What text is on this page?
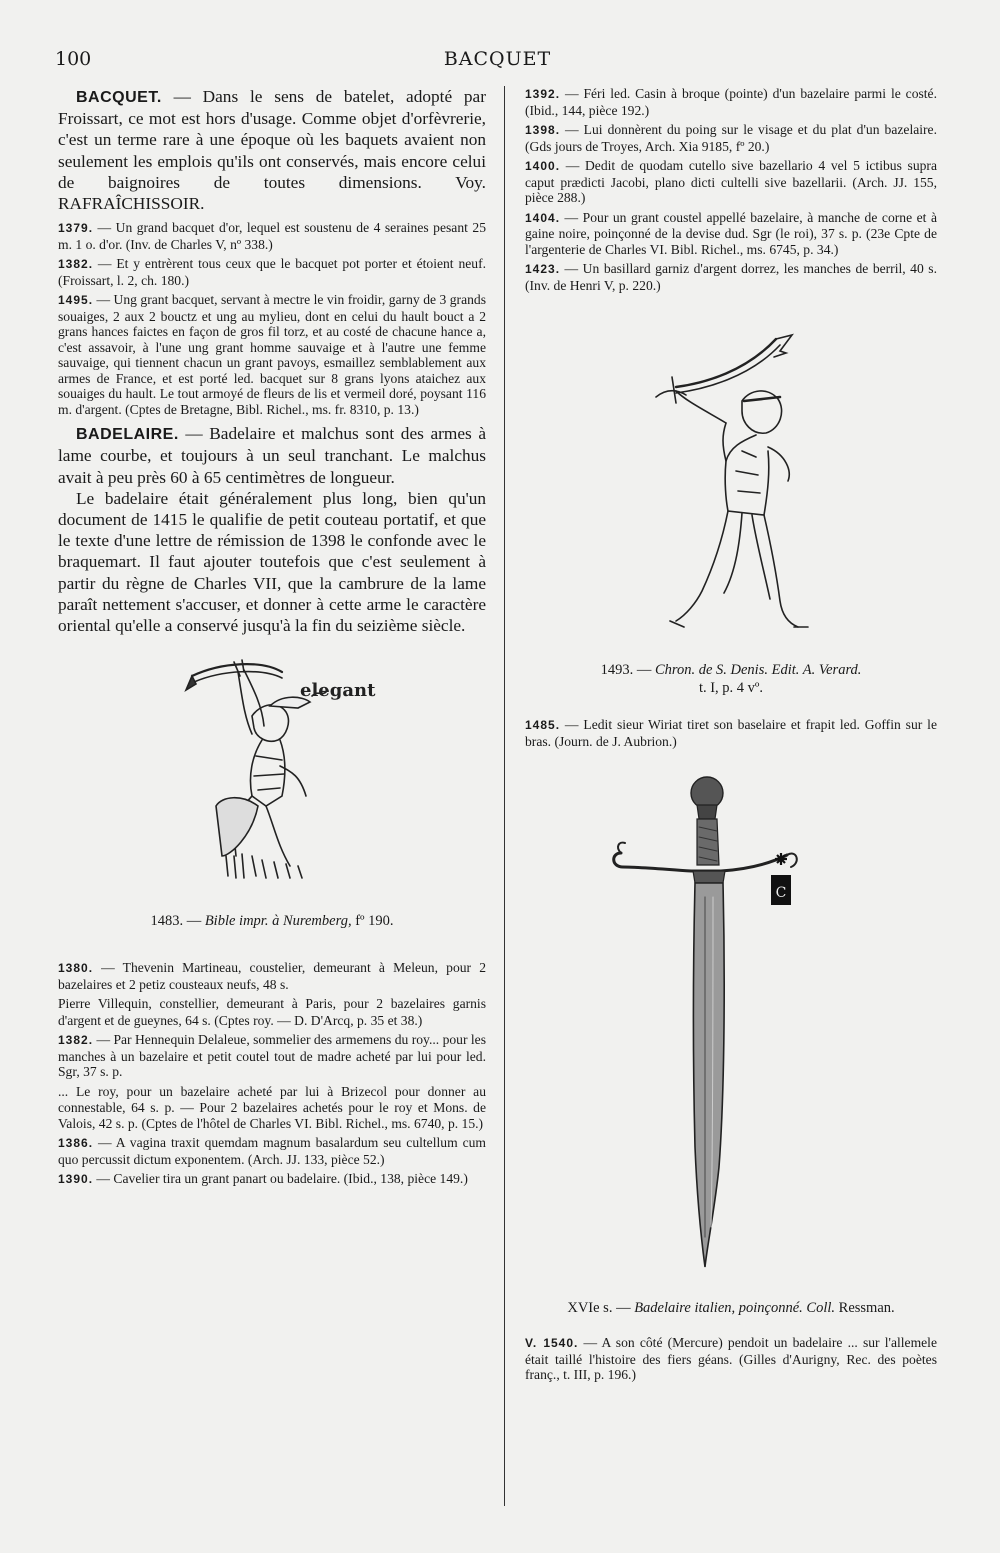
100	BACQUET

BACQUET. — Dans le sens de batelet, adopté par Froissart, ce mot est hors d'usage. Comme objet d'orfèvrerie, c'est un terme rare à une époque où les baquets avaient non seulement les emplois qu'ils ont conservés, mais encore celui de baignoires de toutes dimensions. Voy. RAFRAÎCHISSOIR.

1379. — Un grand bacquet d'or, lequel est soustenu de 4 seraines pesant 25 m. 1 o. d'or. (Inv. de Charles V, nº 338.)

1382. — Et y entrèrent tous ceux que le bacquet pot porter et étoient neuf. (Froissart, l. 2, ch. 180.)

1495. — Ung grant bacquet, servant à mectre le vin froidir, garny de 3 grands souaiges, 2 aux 2 bouctz et ung au mylieu, dont en celui du hault bouct a 2 grans hances faictes en façon de gros fil torz, et au costé de chacune hance a, c'est assavoir, à l'une ung grant homme sauvaige et à l'autre une femme sauvaige, qui tiennent chacun un grant pavoys, esmaillez semblablement aux armes de France, et est porté led. bacquet sur 8 grans lyons ataichez aux souaiges du hault. Le tout armoyé de fleurs de lis et vermeil doré, poysant 116 m. d'argent. (Cptes de Bretagne, Bibl. Richel., ms. fr. 8310, p. 13.)

BADELAIRE. — Badelaire et malchus sont des armes à lame courbe, et toujours à un seul tranchant. Le malchus avait à peu près 60 à 65 centimètres de longueur.

Le badelaire était généralement plus long, bien qu'un document de 1415 le qualifie de petit couteau portatif, et que le texte d'une lettre de rémission de 1398 le confonde avec le braquemart. Il faut ajouter toutefois que c'est seulement à partir du règne de Charles VII, que la cambrure de la lame paraît nettement s'accuser, et donner à cette arme le caractère oriental qu'elle a conservé jusqu'à la fin du seizième siècle.

elegant

1483. — Bible impr. à Nuremberg, fº 190.

1380. — Thevenin Martineau, coustelier, demeurant à Meleun, pour 2 bazelaires et 2 petiz cousteaux neufs, 48 s.

Pierre Villequin, constellier, demeurant à Paris, pour 2 bazelaires garnis d'argent et de gueynes, 64 s. (Cptes roy. — D. D'Arcq, p. 35 et 38.)

1382. — Par Hennequin Delaleue, sommelier des armemens du roy... pour les manches à un bazelaire et petit coutel tout de madre acheté par lui pour led. Sgr, 37 s. p.

... Le roy, pour un bazelaire acheté par lui à Brizecol pour donner au connestable, 64 s. p. — Pour 2 bazelaires achetés pour le roy et Mons. de Valois, 42 s. p. (Cptes de l'hôtel de Charles VI. Bibl. Richel., ms. 6740, p. 15.)

1386. — A vagina traxit quemdam magnum basalardum seu cultellum cum quo percussit dictum exponentem. (Arch. JJ. 133, pièce 52.)

1390. — Cavelier tira un grant panart ou badelaire. (Ibid., 138, pièce 149.)

1392. — Féri led. Casin à broque (pointe) d'un bazelaire parmi le costé. (Ibid., 144, pièce 192.)

1398. — Lui donnèrent du poing sur le visage et du plat d'un bazelaire. (Gds jours de Troyes, Arch. Xia 9185, fº 20.)

1400. — Dedit de quodam cutello sive bazellario 4 vel 5 ictibus supra caput prædicti Jacobi, plano dicti cultelli sive bazellarii. (Arch. JJ. 155, pièce 288.)

1404. — Pour un grant coustel appellé bazelaire, à manche de corne et à gaine noire, poinçonné de la devise dud. Sgr (le roi), 37 s. p. (23e Cpte de l'argenterie de Charles VI. Bibl. Richel., ms. 6745, p. 34.)

1423. — Un basillard garniz d'argent dorrez, les manches de berril, 40 s. (Inv. de Henri V, p. 220.)

1493. — Chron. de S. Denis. Edit. A. Verard.

t. I, p. 4 vº.

1485. — Ledit sieur Wiriat tiret son baselaire et frapit led. Goffin sur le bras. (Journ. de J. Aubrion.)

C

XVIe s. — Badelaire italien, poinçonné. Coll. Ressman.

V. 1540. — A son côté (Mercure) pendoit un badelaire ... sur l'allemele était taillé l'histoire des fiers géans. (Gilles d'Aurigny, Rec. des poètes franç., t. III, p. 196.)
